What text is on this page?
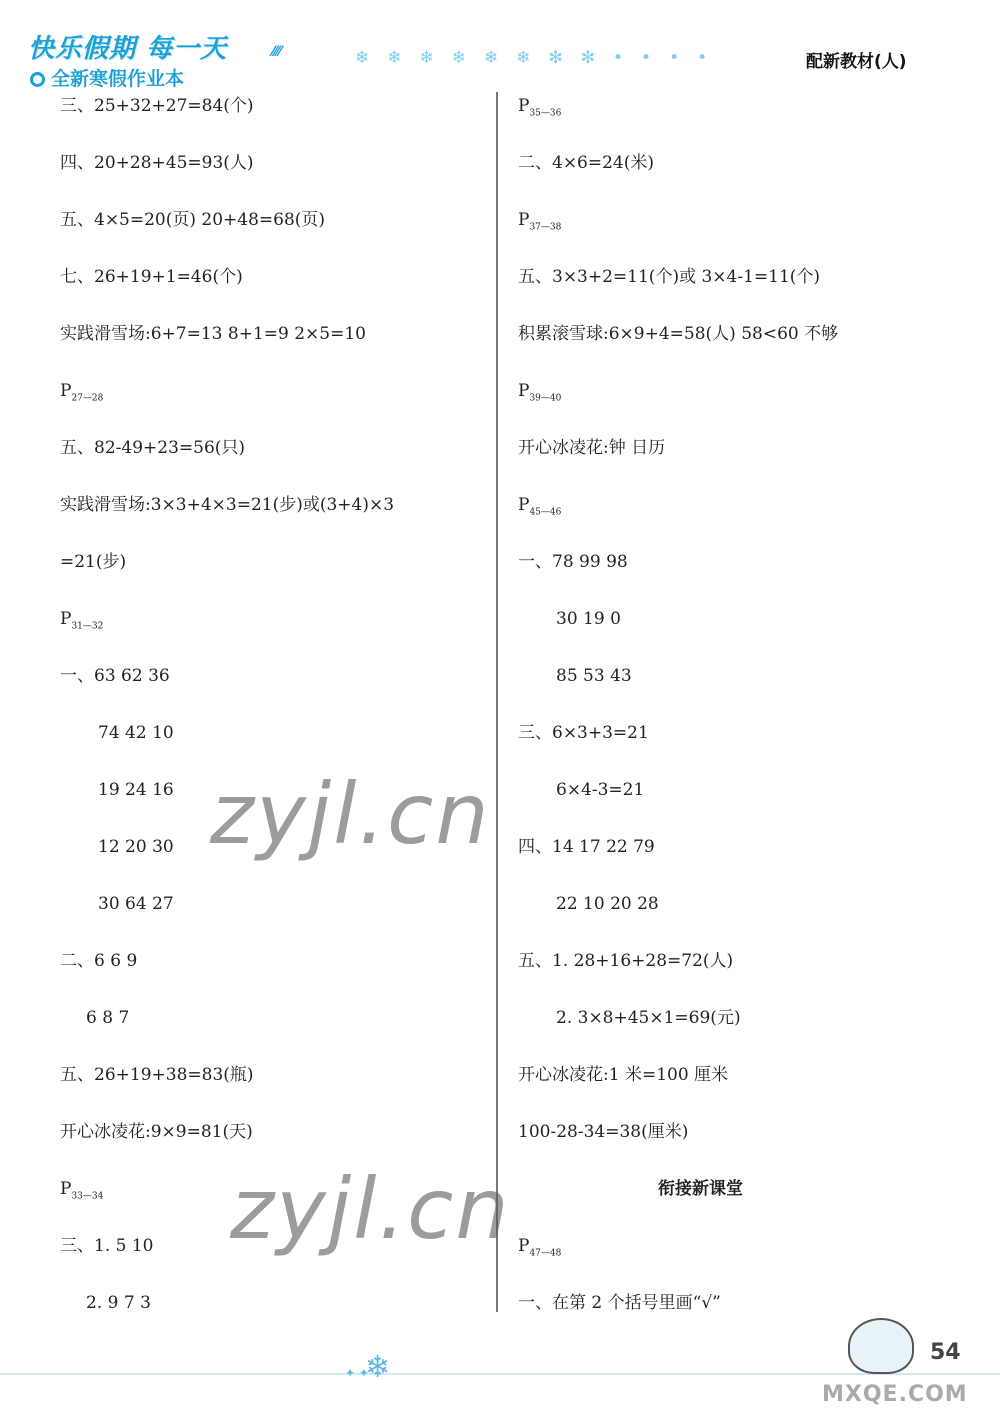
快乐假期 每一天	⁄⁄⁄⁄
全新寒假作业本
❄ ❄ ❄ ❄ ❄ ❄ ✻ ✻ • • • •	配新教材(人)
三、25+32+27=84(个)
四、20+28+45=93(人)
五、4×5=20(页) 20+48=68(页)
七、26+19+1=46(个)
实践滑雪场:6+7=13 8+1=9 2×5=10
$P_{27—28}$
五、82-49+23=56(只)
实践滑雪场:3×3+4×3=21(步)或(3+4)×3
=21(步)
$P_{31—32}$
一、63 62 36
74 42 10
19 24 16
12 20 30
30 64 27
二、6 6 9
6 8 7
五、26+19+38=83(瓶)
开心冰凌花:9×9=81(天)
$P_{33—34}$
三、1. 5 10
2. 9 7 3
$P_{35—36}$
二、4×6=24(米)
$P_{37—38}$
五、3×3+2=11(个)或 3×4-1=11(个)
积累滚雪球:6×9+4=58(人) 58<60 不够
$P_{39—40}$
开心冰凌花:钟 日历
$P_{45—46}$
一、78 99 98
30 19 0
85 53 43
三、6×3+3=21
6×4-3=21
四、14 17 22 79
22 10 20 28
五、1. 28+16+28=72(人)
2. 3×8+45×1=69(元)
开心冰凌花:1 米=100 厘米
100-28-34=38(厘米)
衔接新课堂
$P_{47—48}$
一、在第 2 个括号里画“√”
zyjl.cn
zyjl.cn
✦ ✦
❄	54
MXQE.COM
